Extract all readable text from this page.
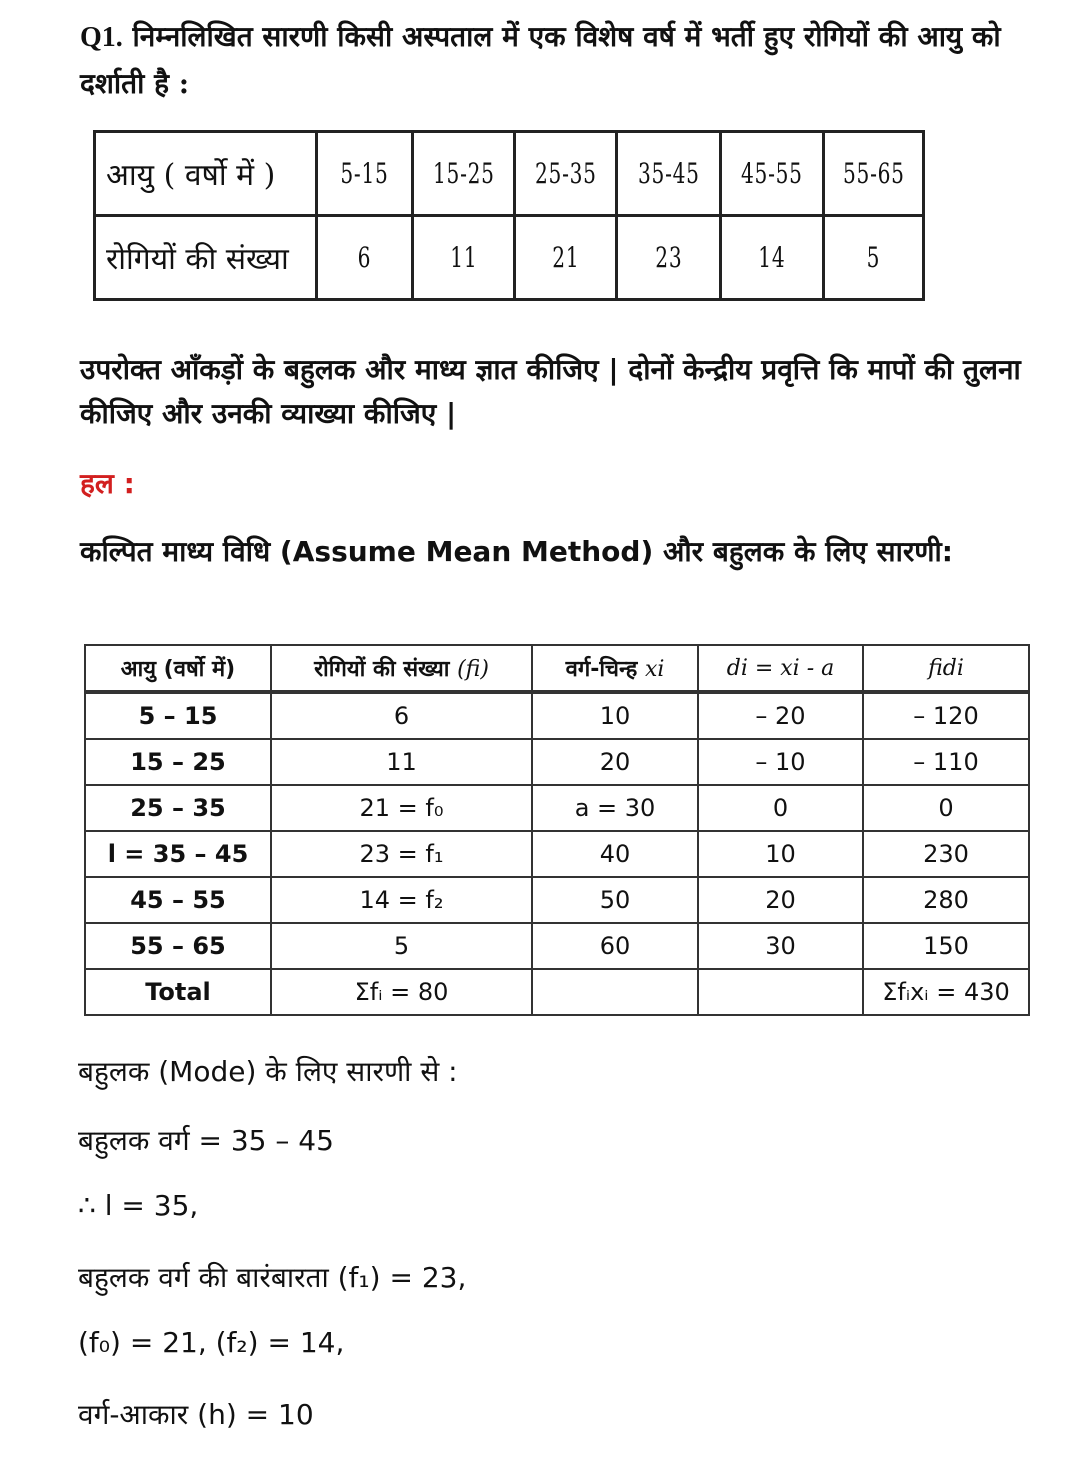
Q1. निम्नलिखित सारणी किसी अस्पताल में एक विशेष वर्ष में भर्ती हुए रोगियों की आयु को दर्शाती है :
आयु ( वर्षो में )	5-15	15-25	25-35	35-45	45-55	55-65
रोगियों की संख्या	6	11	21	23	14	5
उपरोक्त आँकड़ों के बहुलक और माध्य ज्ञात कीजिए | दोनों केन्द्रीय प्रवृत्ति कि मापों की तुलना कीजिए और उनकी व्याख्या कीजिए |
हल :
कल्पित माध्य विधि (Assume Mean Method) और बहुलक के लिए सारणी:
आयु (वर्षो में)	रोगियों की संख्या (fi)	वर्ग-चिन्ह xi	di = xi - a	fidi
5 – 15	6	10	– 20	– 120
15 – 25	11	20	– 10	– 110
25 – 35	21 = f₀	a = 30	0	0
l = 35 – 45	23 = f₁	40	10	230
45 – 55	14 = f₂	50	20	280
55 – 65	5	60	30	150
Total	Σfᵢ = 80			Σfᵢxᵢ = 430
बहुलक (Mode) के लिए सारणी से :
बहुलक वर्ग = 35 – 45
∴ l = 35,
बहुलक वर्ग की बारंबारता (f₁) = 23,
(f₀) = 21, (f₂) = 14,
वर्ग-आकार (h) = 10
